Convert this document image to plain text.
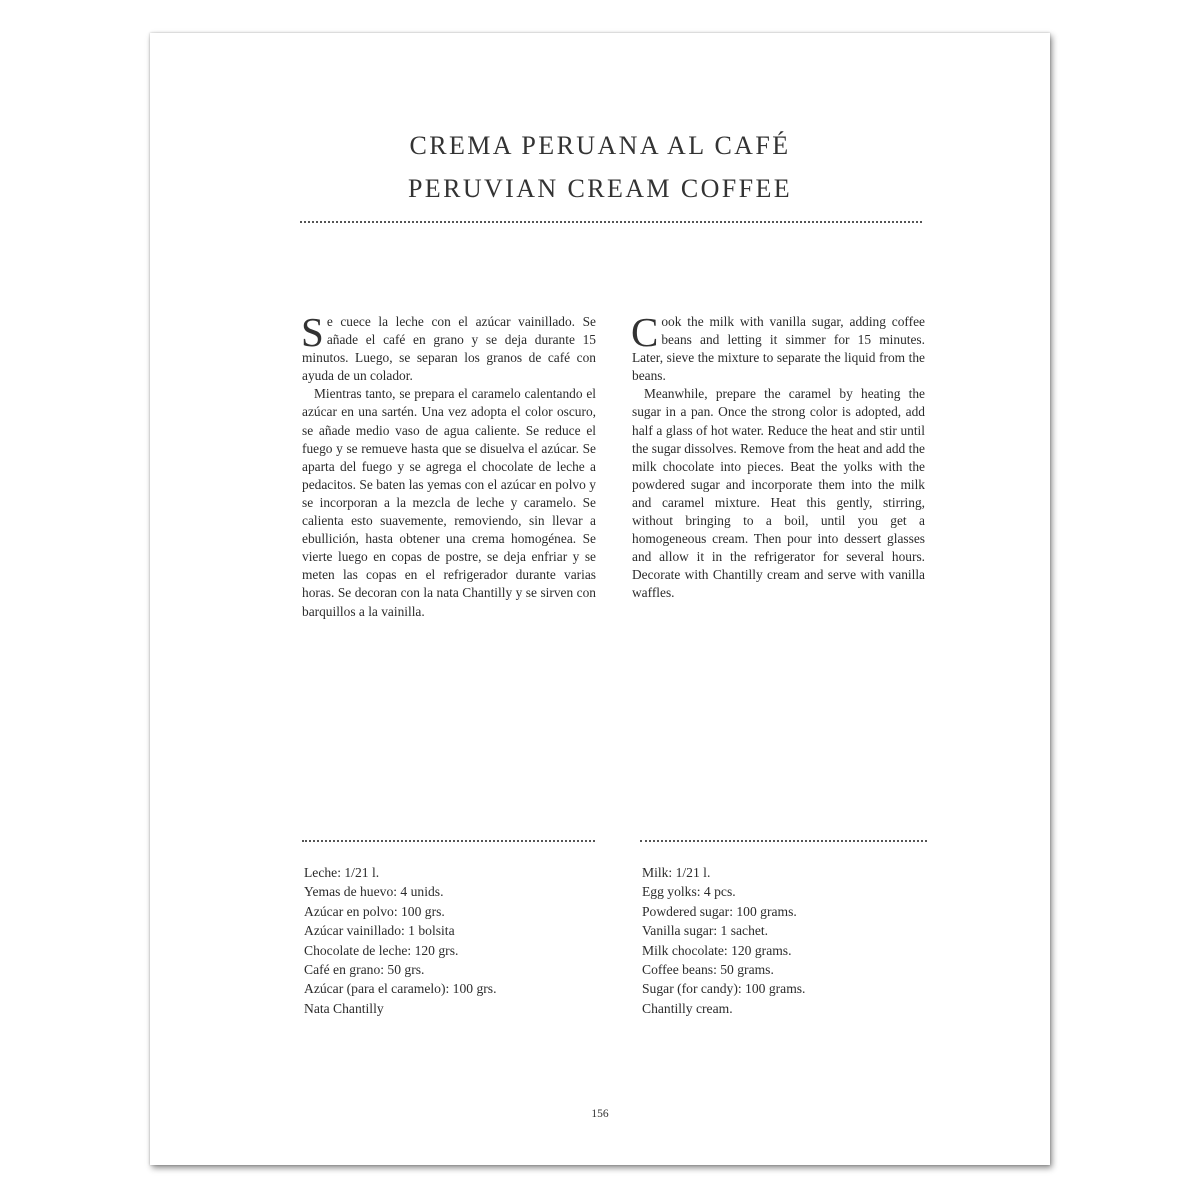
CREMA PERUANA AL CAFÉ
PERUVIAN CREAM COFFEE

Se cuece la leche con el azúcar vainillado. Se añade el café en grano y se deja durante 15 minutos. Luego, se separan los granos de café con ayuda de un colador.

Mientras tanto, se prepara el caramelo calentando el azúcar en una sartén. Una vez adopta el color oscuro, se añade medio vaso de agua caliente. Se reduce el fuego y se remueve hasta que se disuelva el azúcar. Se aparta del fuego y se agrega el chocolate de leche a pedacitos. Se baten las yemas con el azúcar en polvo y se incorporan a la mezcla de leche y caramelo. Se calienta esto suavemente, removiendo, sin llevar a ebullición, hasta obtener una crema homogénea. Se vierte luego en copas de postre, se deja enfriar y se meten las copas en el refrigerador durante varias horas. Se decoran con la nata Chantilly y se sirven con barquillos a la vainilla.

Cook the milk with vanilla sugar, adding coffee beans and letting it simmer for 15 minutes. Later, sieve the mixture to separate the liquid from the beans.

Meanwhile, prepare the caramel by heating the sugar in a pan. Once the strong color is adopted, add half a glass of hot water. Reduce the heat and stir until the sugar dissolves. Remove from the heat and add the milk chocolate into pieces. Beat the yolks with the powdered sugar and incorporate them into the milk and caramel mixture. Heat this gently, stirring, without bringing to a boil, until you get a homogeneous cream. Then pour into dessert glasses and allow it in the refrigerator for several hours. Decorate with Chantilly cream and serve with vanilla waffles.

Leche: 1/21 l.
Yemas de huevo: 4 unids.
Azúcar en polvo: 100 grs.
Azúcar vainillado: 1 bolsita
Chocolate de leche: 120 grs.
Café en grano: 50 grs.
Azúcar (para el caramelo): 100 grs.
Nata Chantilly
Milk: 1/21 l.
Egg yolks: 4 pcs.
Powdered sugar: 100 grams.
Vanilla sugar: 1 sachet.
Milk chocolate: 120 grams.
Coffee beans: 50 grams.
Sugar (for candy): 100 grams.
Chantilly cream.
156
